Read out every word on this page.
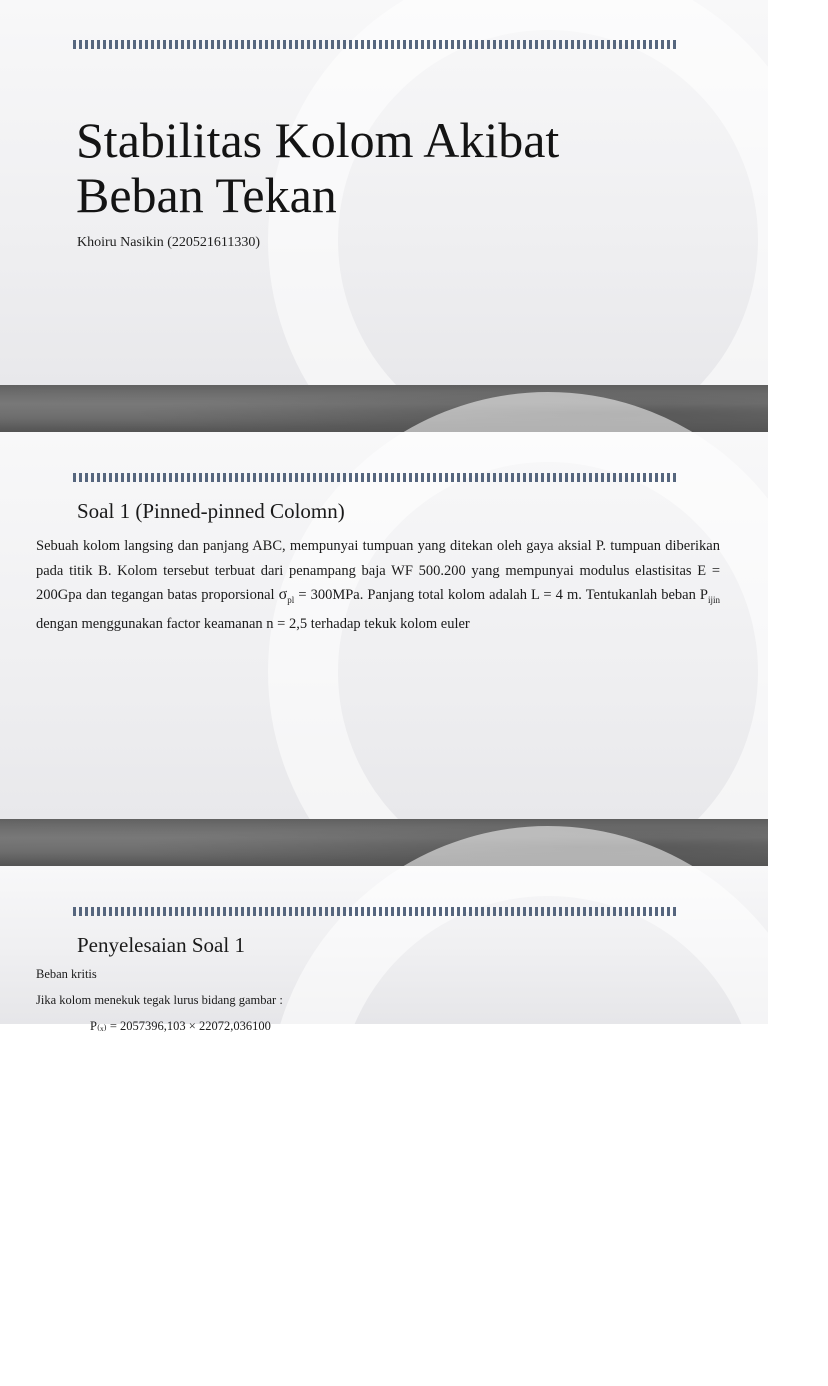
Stabilitas Kolom Akibat
Beban Tekan
Khoiru Nasikin (220521611330)
Soal 1 (Pinned-pinned Colomn)

Sebuah kolom langsing dan panjang ABC, mempunyai tumpuan yang ditekan oleh gaya aksial P. tumpuan diberikan pada titik B. Kolom tersebut terbuat dari penampang baja WF 500.200 yang mempunyai modulus elastisitas E = 200Gpa dan tegangan batas proporsional $\sigma_{pl} = 300MPa$. Panjang total kolom adalah L = 4 m. Tentukanlah beban $P_{ijin}$ dengan menggunakan factor keamanan n = 2,5 terhadap tekuk kolom euler

Penyelesaian Soal 1
Beban kritis
Jika kolom menekuk tegak lurus bidang gambar :
P₍ₓ₎ = 2057396,103 × 22072,036100
